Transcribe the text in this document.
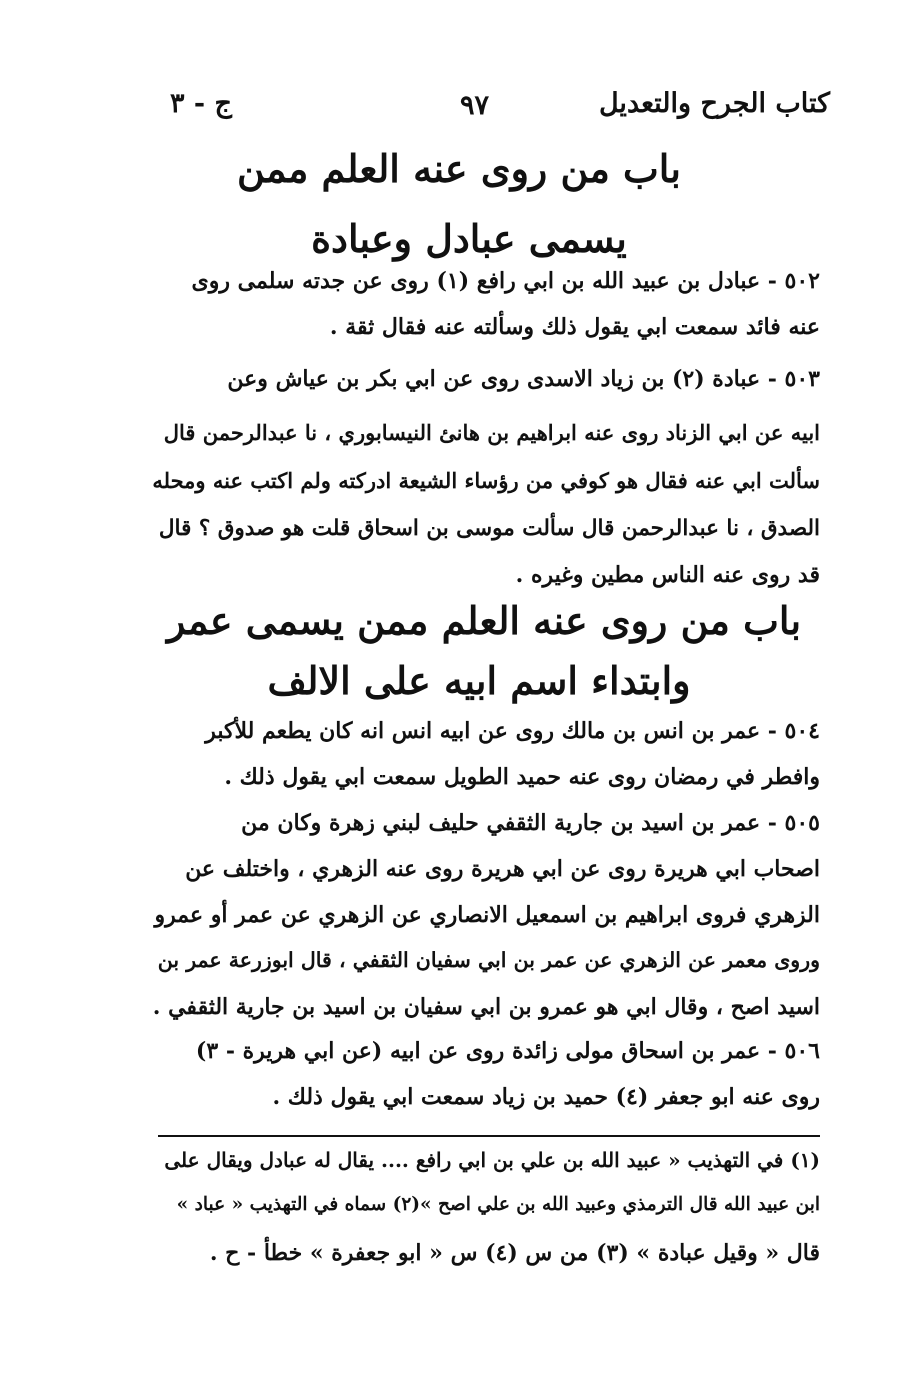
كتاب الجرح والتعديل
٩٧
ج - ٣
باب من روى عنه العلم ممن
يسمى عبادل وعبادة
٥٠٢ - عبادل بن عبيد الله بن ابي رافع (١) روى عن جدته سلمى روى
عنه فائد سمعت ابي يقول ذلك وسألته عنه فقال ثقة .
٥٠٣ - عبادة (٢) بن زياد الاسدى روى عن ابي بكر بن عياش وعن
ابيه عن ابي الزناد روى عنه ابراهيم بن هانئ النيسابوري ، نا عبدالرحمن قال
سألت ابي عنه فقال هو كوفي من رؤساء الشيعة ادركته ولم اكتب عنه ومحله
الصدق ، نا عبدالرحمن قال سألت موسى بن اسحاق قلت هو صدوق ؟ قال
قد روى عنه الناس مطين وغيره .
باب من روى عنه العلم ممن يسمى عمر
وابتداء اسم ابيه على الالف
٥٠٤ - عمر بن انس بن مالك روى عن ابيه انس انه كان يطعم للأكبر
وافطر في رمضان روى عنه حميد الطويل سمعت ابي يقول ذلك .
٥٠٥ - عمر بن اسيد بن جارية الثقفي حليف لبني زهرة وكان من
اصحاب ابي هريرة روى عن ابي هريرة روى عنه الزهري ، واختلف عن
الزهري فروى ابراهيم بن اسمعيل الانصاري عن الزهري عن عمر أو عمرو
وروى معمر عن الزهري عن عمر بن ابي سفيان الثقفي ، قال ابوزرعة عمر بن
اسيد اصح ، وقال ابي هو عمرو بن ابي سفيان بن اسيد بن جارية الثقفي .
٥٠٦ - عمر بن اسحاق مولى زائدة روى عن ابيه (عن ابي هريرة - ٣)
روى عنه ابو جعفر (٤) حميد بن زياد سمعت ابي يقول ذلك .
(١) في التهذيب « عبيد الله بن علي بن ابي رافع .... يقال له عبادل ويقال على
ابن عبيد الله قال الترمذي وعبيد الله بن علي اصح »(٢) سماه في التهذيب « عباد »
قال « وقيل عبادة » (٣) من س (٤) س « ابو جعفرة » خطأ - ح .
